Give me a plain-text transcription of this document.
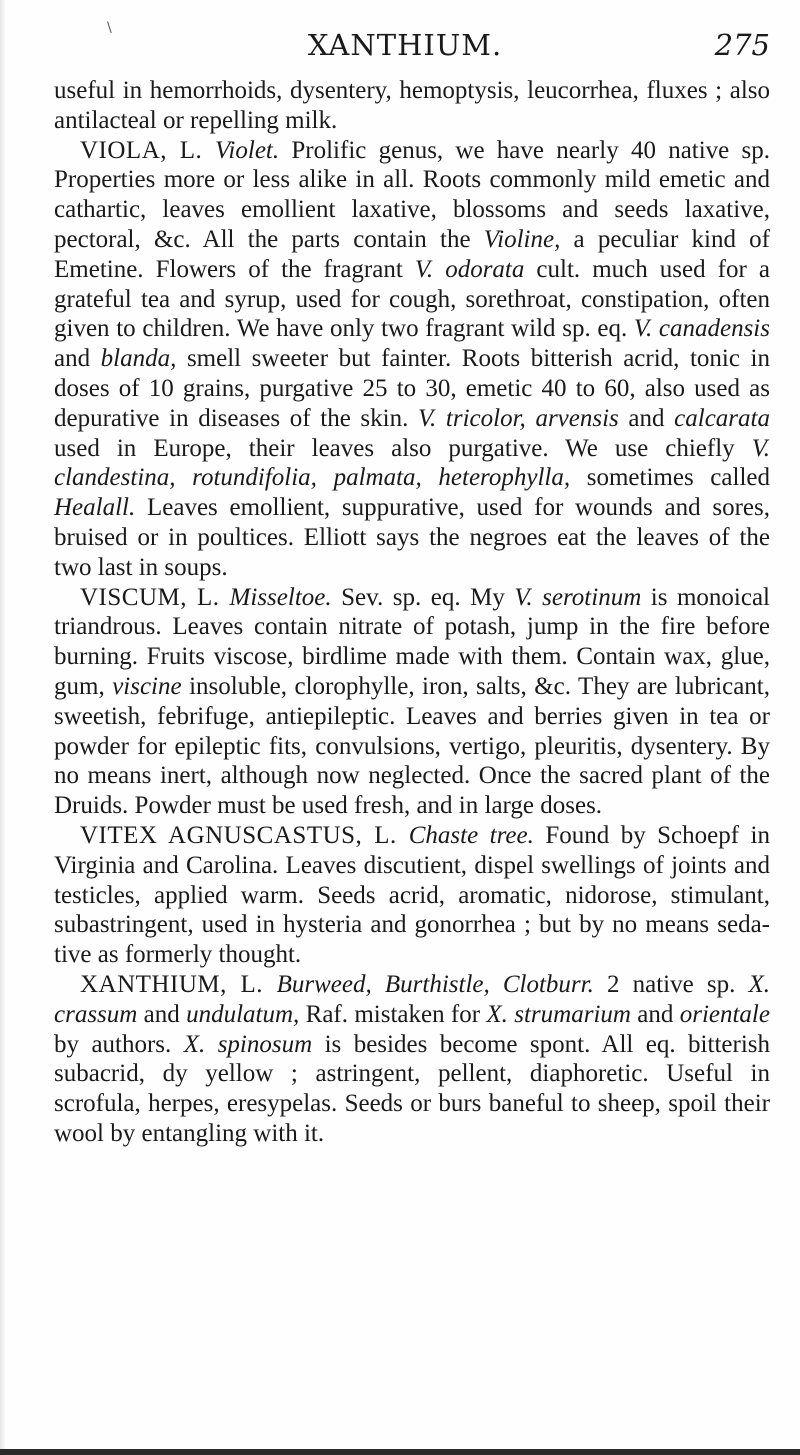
\	XANTHIUM.	275

useful in hemorrhoids, dysentery, hemoptysis, leucorrhea, fluxes ; also antilacteal or repelling milk.

VIOLA, L. Violet. Prolific genus, we have nearly 40 native sp. Properties more or less alike in all. Roots commonly mild emetic and cathartic, leaves emollient laxative, blossoms and seeds laxative, pectoral, &c. All the parts contain the Violine, a peculiar kind of Emetine. Flowers of the fragrant V. odorata cult. much used for a grateful tea and syrup, used for cough, sorethroat, constipation, often given to children. We have only two fragrant wild sp. eq. V. canadensis and blanda, smell sweeter but fainter. Roots bitterish acrid, tonic in doses of 10 grains, purgative 25 to 30, emetic 40 to 60, also used as depurative in diseases of the skin. V. tricolor, arvensis and calcarata used in Europe, their leaves also purgative. We use chiefly V. clandestina, rotundifolia, palmata, heterophylla, sometimes called Healall. Leaves emollient, suppurative, used for wounds and sores, bruised or in poultices. Elliott says the negroes eat the leaves of the two last in soups.

VISCUM, L. Misseltoe. Sev. sp. eq. My V. serotinum is monoical triandrous. Leaves contain nitrate of potash, jump in the fire before burning. Fruits viscose, birdlime made with them. Contain wax, glue, gum, viscine insoluble, clorophylle, iron, salts, &c. They are lubricant, sweetish, febrifuge, antiepileptic. Leaves and berries given in tea or powder for epileptic fits, convulsions, vertigo, pleuritis, dysentery. By no means inert, although now neglected. Once the sacred plant of the Druids. Powder must be used fresh, and in large doses.

VITEX AGNUSCASTUS, L. Chaste tree. Found by Schoepf in Virginia and Carolina. Leaves discutient, dispel swellings of joints and testicles, applied warm. Seeds acrid, aromatic, nidorose, stimulant, subastringent, used in hysteria and gonorrhea ; but by no means sedative as formerly thought.

XANTHIUM, L. Burweed, Burthistle, Clotburr. 2 native sp. X. crassum and undulatum, Raf. mistaken for X. strumarium and orientale by authors. X. spinosum is besides become spont. All eq. bitterish subacrid, dy yellow ; astringent, pellent, diaphoretic. Useful in scrofula, herpes, eresypelas. Seeds or burs baneful to sheep, spoil their wool by entangling with it.
